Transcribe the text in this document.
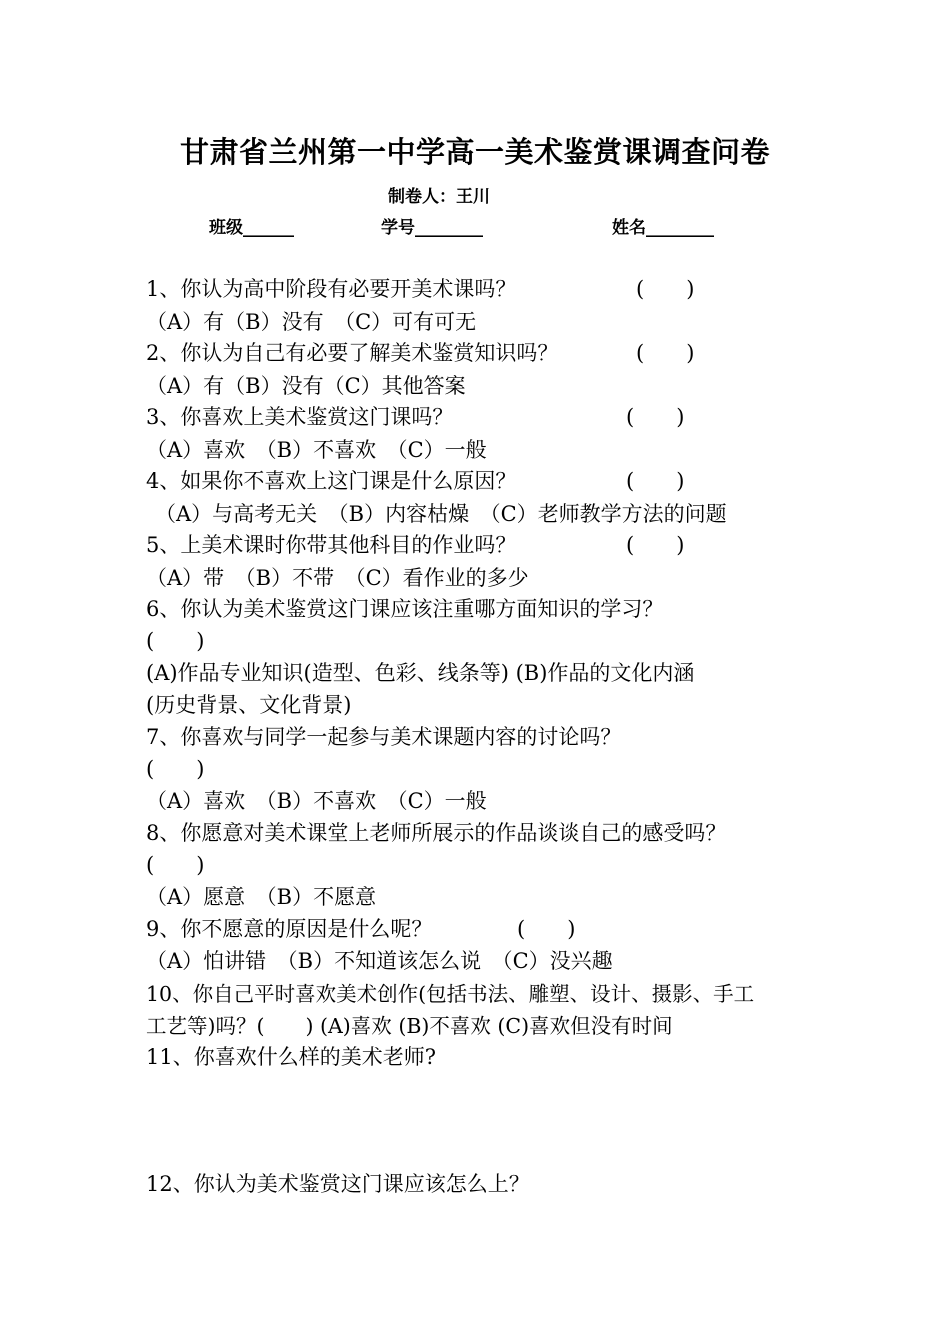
甘肃省兰州第一中学高一美术鉴赏课调查问卷
制卷人：王川
班级______	学号________	姓名________
1、你认为高中阶段有必要开美术课吗？	(　　)
（A）有（B）没有　（C）可有可无
2、你认为自己有必要了解美术鉴赏知识吗？	(　　)
（A）有（B）没有（C）其他答案
3、你喜欢上美术鉴赏这门课吗？	(　　)
（A）喜欢　（B）不喜欢　（C）一般
4、如果你不喜欢上这门课是什么原因？	(　　)
（A）与高考无关　（B）内容枯燥　（C）老师教学方法的问题
5、上美术课时你带其他科目的作业吗？	(　　)
（A）带　（B）不带　（C）看作业的多少
6、你认为美术鉴赏这门课应该注重哪方面知识的学习？
(　　)
(A)作品专业知识(造型、色彩、线条等) (B)作品的文化内涵
(历史背景、文化背景)
7、你喜欢与同学一起参与美术课题内容的讨论吗？
(　　)
（A）喜欢　（B）不喜欢　（C）一般
8、你愿意对美术课堂上老师所展示的作品谈谈自己的感受吗？
(　　)
（A）愿意　（B）不愿意
9、你不愿意的原因是什么呢？	(　　)
（A）怕讲错　（B）不知道该怎么说　（C）没兴趣
10、你自己平时喜欢美术创作(包括书法、雕塑、设计、摄影、手工
工艺等)吗？(　　) (A)喜欢 (B)不喜欢 (C)喜欢但没有时间
11、你喜欢什么样的美术老师?
12、你认为美术鉴赏这门课应该怎么上？
